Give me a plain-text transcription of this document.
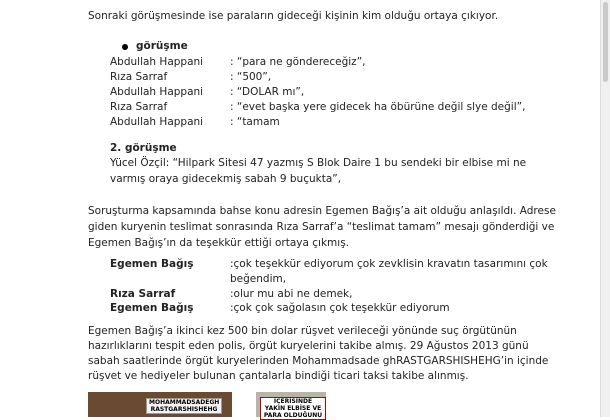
Sonraki görüşmesinde ise paraların gideceği kişinin kim olduğu ortaya çıkıyor.
görüşme
Abdullah Happani	: “para ne göndereceğiz”,
Rıza Sarraf	: “500”,
Abdullah Happani	: “DOLAR mı”,
Rıza Sarraf	: “evet başka yere gidecek ha öbürüne değil slye değil”,
Abdullah Happani	: “tamam
2. görüşme
Yücel Özçil: “Hilpark Sitesi 47 yazmış S Blok Daire 1 bu sendeki bir elbise mi ne
varmış oraya gidecekmiş sabah 9 buçukta”,
Soruşturma kapsamında bahse konu adresin Egemen Bağış’a ait olduğu anlaşıldı. Adrese
giden kuryenin teslimat sonrasında Rıza Sarraf’a “teslimat tamam” mesajı gönderdiği ve
Egemen Bağış’ın da teşekkür ettiği ortaya çıkmış.
Egemen Bağış	:çok teşekkür ediyorum çok zevklisin kravatın tasarımını çok
beğendim,
Rıza Sarraf	:olur mu abi ne demek,
Egemen Bağış	:çok çok sağolasın çok teşekkür ediyorum
Egemen Bağış’a ikinci kez 500 bin dolar rüşvet verileceği yönünde suç örgütünün
hazırlıklarını tespit eden polis, örgüt kuryelerini takibe almış. 29 Ağustos 2013 günü
sabah saatlerinde örgüt kuryelerinden Mohammadsade ghRASTGARSHISHEHG’in içinde
rüşvet ve hediyeler bulunan çantalarla bindiği ticari taksi takibe alınmış.
MOHAMMADSADEGH RASTGARSHISHEHG
İÇERİSİNDE YAKIN ELBİSE VE PARA OLDUĞUNU
